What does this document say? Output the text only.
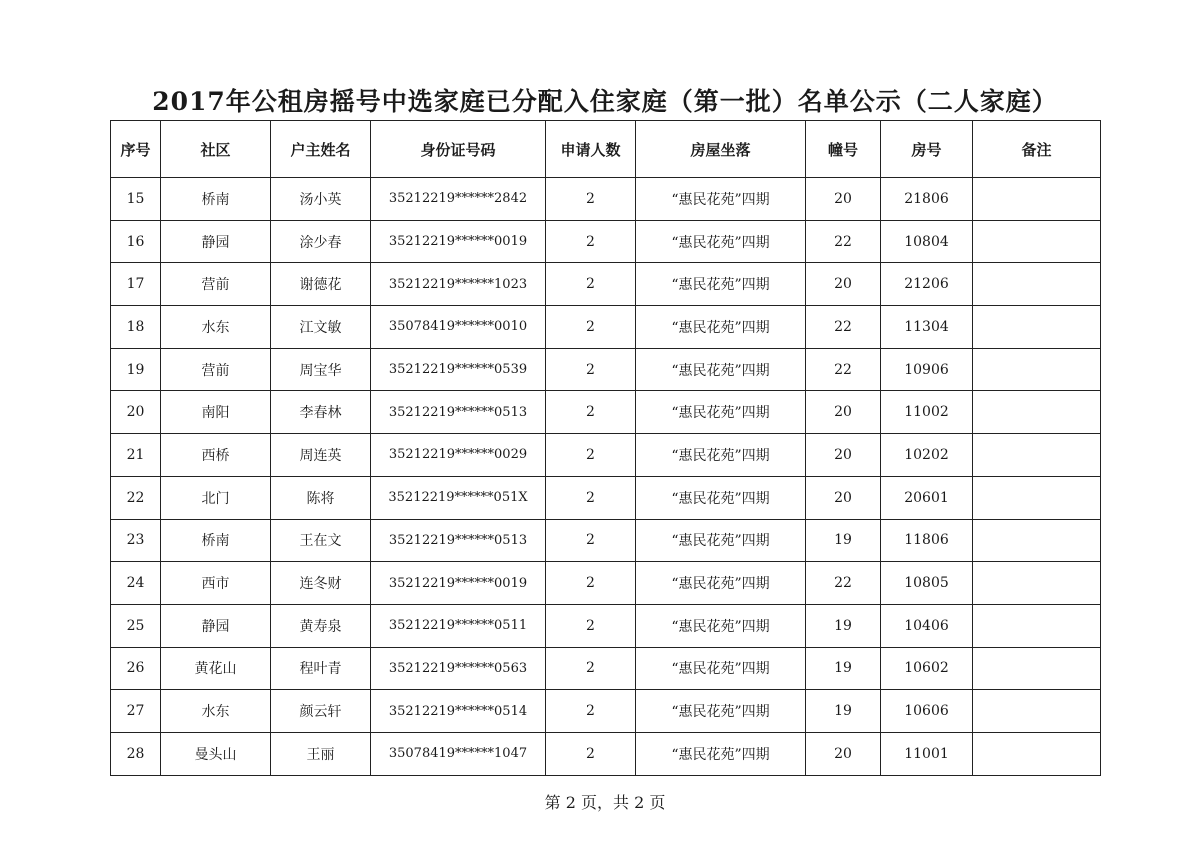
2017年公租房摇号中选家庭已分配入住家庭（第一批）名单公示（二人家庭）
序号	社区	户主姓名	身份证号码	申请人数	房屋坐落	幢号	房号	备注
15	桥南	汤小英	35212219******2842	2	“惠民花苑”四期	20	21806	
16	静园	涂少春	35212219******0019	2	“惠民花苑”四期	22	10804	
17	营前	谢德花	35212219******1023	2	“惠民花苑”四期	20	21206	
18	水东	江文敏	35078419******0010	2	“惠民花苑”四期	22	11304	
19	营前	周宝华	35212219******0539	2	“惠民花苑”四期	22	10906	
20	南阳	李春林	35212219******0513	2	“惠民花苑”四期	20	11002	
21	西桥	周连英	35212219******0029	2	“惠民花苑”四期	20	10202	
22	北门	陈将	35212219******051X	2	“惠民花苑”四期	20	20601	
23	桥南	王在文	35212219******0513	2	“惠民花苑”四期	19	11806	
24	西市	连冬财	35212219******0019	2	“惠民花苑”四期	22	10805	
25	静园	黄寿泉	35212219******0511	2	“惠民花苑”四期	19	10406	
26	黄花山	程叶青	35212219******0563	2	“惠民花苑”四期	19	10602	
27	水东	颜云轩	35212219******0514	2	“惠民花苑”四期	19	10606	
28	曼头山	王丽	35078419******1047	2	“惠民花苑”四期	20	11001	
第 2 页，共 2 页
